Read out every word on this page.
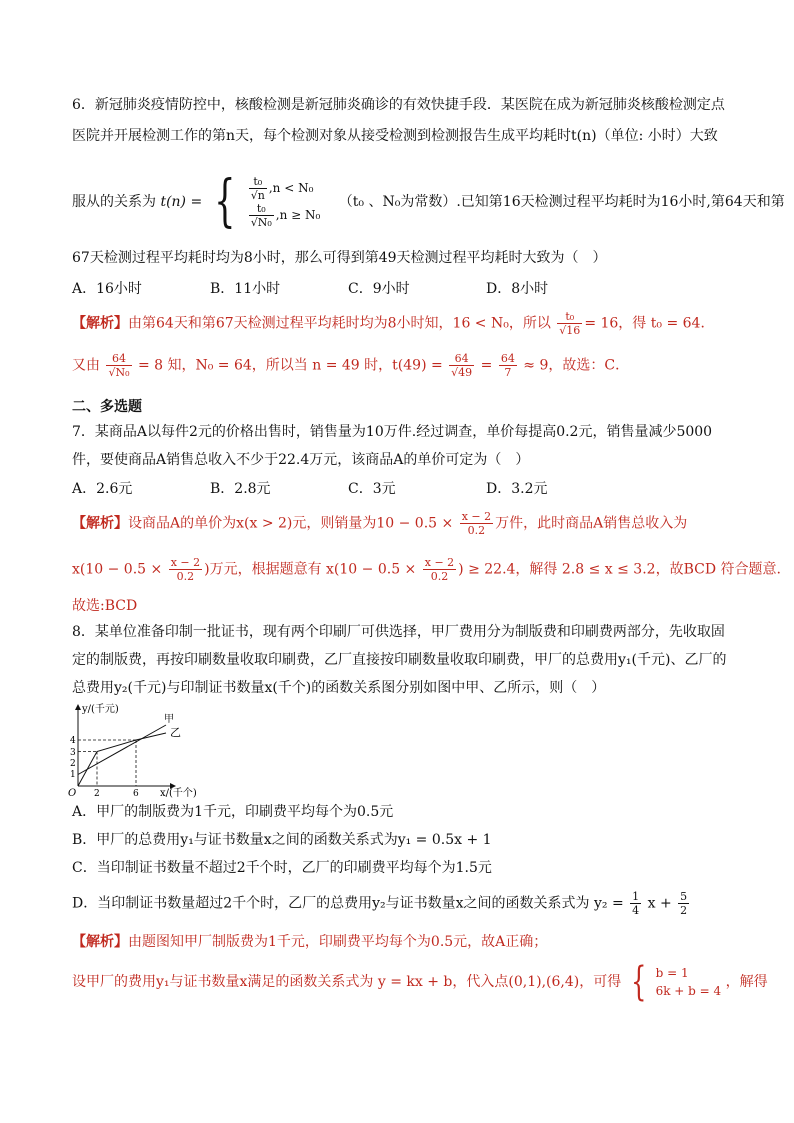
6．新冠肺炎疫情防控中，核酸检测是新冠肺炎确诊的有效快捷手段．某医院在成为新冠肺炎核酸检测定点
医院并开展检测工作的第n天，每个检测对象从接受检测到检测报告生成平均耗时t(n)（单位: 小时）大致
服从的关系为 t(n) = { $\frac{\text{t₀}}{√n} ,n < N_0$
$\frac{\text{t₀}}{\text{√N₀}} ,n \ge N_0$
（t₀ 、N₀为常数）.已知第16天检测过程平均耗时为16小时,第64天和第
67天检测过程平均耗时均为8小时，那么可得到第49天检测过程平均耗时大致为（　）
A．16小时	B．11小时	C．9小时	D．8小时
【解析】由第64天和第67天检测过程平均耗时均为8小时知，16 < N₀，所以 $\frac{\text{t₀}}{√16} = 16$，得 t₀ = 64．
又由 $\frac{64}{\text{√N₀}} = 8$ 知，N₀ = 64，所以当 n = 49 时，$t(49) = \frac{64}{√49} = \frac{64}{7} \approx 9$，故选：C．
二、多选题
7．某商品A以每件2元的价格出售时，销售量为10万件.经过调查，单价每提高0.2元，销售量减少5000
件，要使商品A销售总收入不少于22.4万元，该商品A的单价可定为（　）
A．2.6元	B．2.8元	C．3元	D．3.2元
【解析】设商品A的单价为x(x > 2)元，则销量为$10 - 0.5 \times \frac{x - 2}{0.2}$ 万件，此时商品A销售总收入为
$x(10 - 0.5 \times \frac{x - 2}{0.2}$ )万元，根据题意有 $x(10 - 0.5 \times \frac{x - 2}{0.2}$ ) ≥ 22.4，解得 2.8 ≤ x ≤ 3.2，故BCD 符合题意.
故选:BCD
8．某单位准备印制一批证书，现有两个印刷厂可供选择，甲厂费用分为制版费和印刷费两部分，先收取固
定的制版费，再按印刷数量收取印刷费，乙厂直接按印刷数量收取印刷费，甲厂的总费用y₁(千元)、乙厂的
总费用y₂(千元)与印制证书数量x(千个)的函数关系图分别如图中甲、乙所示，则（　）
y/(千元)
x/(千个)
O
1
2
3
4
2	6
甲
乙
A．甲厂的制版费为1千元，印刷费平均每个为0.5元
B．甲厂的总费用y₁与证书数量x之间的函数关系式为y₁ = 0.5x + 1
C．当印制证书数量不超过2千个时，乙厂的印刷费平均每个为1.5元
D．当印制证书数量超过2千个时，乙厂的总费用y₂与证书数量x之间的函数关系式为 $y_2 = \frac{1}{4}$ $x + \frac{5}{2}$
【解析】由题图知甲厂制版费为1千元，印刷费平均每个为0.5元，故A正确；
设甲厂的费用y₁与证书数量x满足的函数关系式为 y = kx + b，代入点(0,1),(6,4)，可得 { b = 1
6k + b = 4
，解得
